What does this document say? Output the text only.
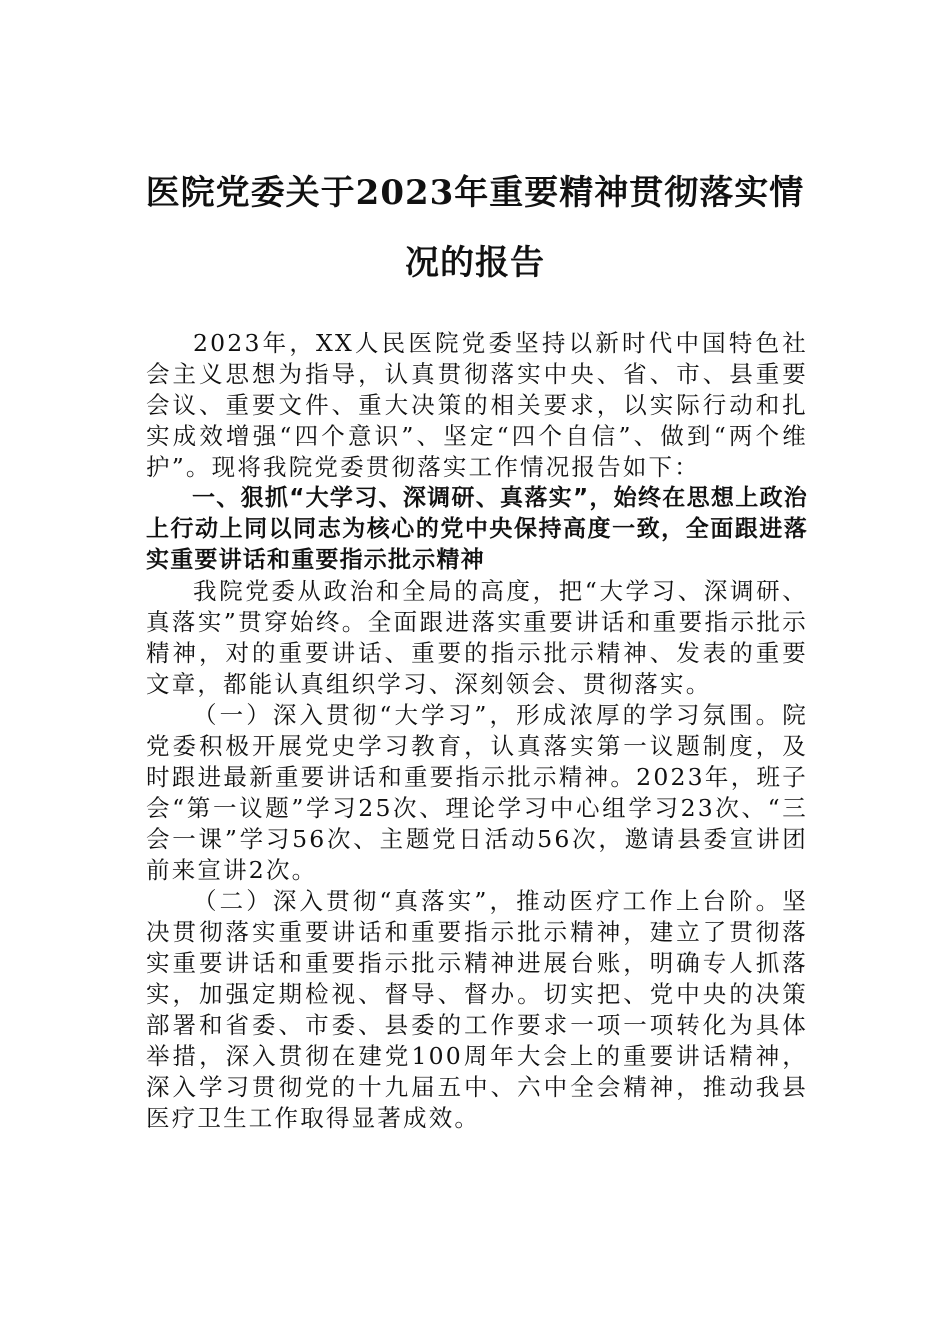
医院党委关于2023年重要精神贯彻落实情况的报告

2023年，XX人民医院党委坚持以新时代中国特色社会主义思想为指导，认真贯彻落实中央、省、市、县重要会议、重要文件、重大决策的相关要求，以实际行动和扎实成效增强“四个意识”、坚定“四个自信”、做到“两个维护”。现将我院党委贯彻落实工作情况报告如下：

一、狠抓“大学习、深调研、真落实”，始终在思想上政治上行动上同以同志为核心的党中央保持高度一致，全面跟进落实重要讲话和重要指示批示精神

我院党委从政治和全局的高度，把“大学习、深调研、真落实”贯穿始终。全面跟进落实重要讲话和重要指示批示精神，对的重要讲话、重要的指示批示精神、发表的重要文章，都能认真组织学习、深刻领会、贯彻落实。

（一）深入贯彻“大学习”，形成浓厚的学习氛围。院党委积极开展党史学习教育，认真落实第一议题制度，及时跟进最新重要讲话和重要指示批示精神。2023年，班子会“第一议题”学习25次、理论学习中心组学习23次、“三会一课”学习56次、主题党日活动56次，邀请县委宣讲团前来宣讲2次。

（二）深入贯彻“真落实”，推动医疗工作上台阶。坚决贯彻落实重要讲话和重要指示批示精神，建立了贯彻落实重要讲话和重要指示批示精神进展台账，明确专人抓落实，加强定期检视、督导、督办。切实把、党中央的决策部署和省委、市委、县委的工作要求一项一项转化为具体举措，深入贯彻在建党100周年大会上的重要讲话精神，深入学习贯彻党的十九届五中、六中全会精神，推动我县医疗卫生工作取得显著成效。
